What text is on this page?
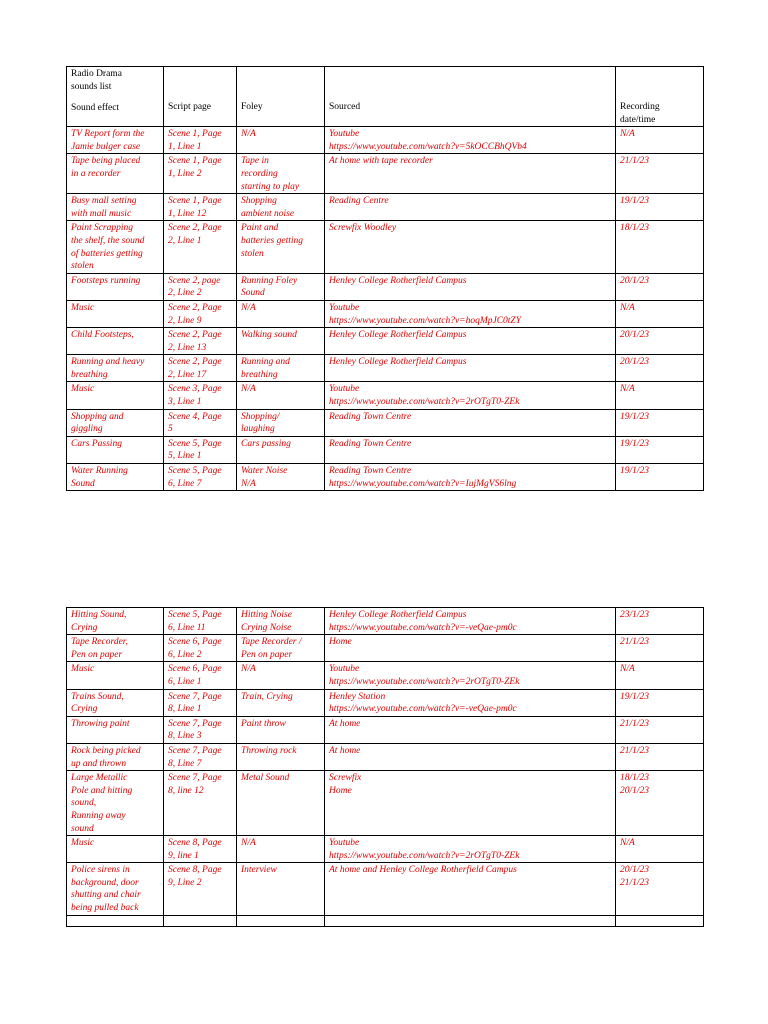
Radio Drama
sounds list
Sound effect	Script page	Foley	Sourced	Recording
date/time

TV Report form the
Jamie bulger case	Scene 1, Page
1, Line 1	N/A	Youtube
https://www.youtube.com/watch?v=5kOCCBhQVb4	N/A

Tape being placed
in a recorder	Scene 1, Page
1, Line 2	Tape in
recording
starting to play	At home with tape recorder	21/1/23

Busy mall setting
with mall music	Scene 1, Page
1, Line 12	Shopping
ambient noise	Reading Centre	19/1/23

Paint Scrapping
the shelf, the sound
of batteries getting
stolen	Scene 2, Page
2, Line 1	Paint and
batteries getting
stolen	Screwfix Woodley	18/1/23

Footsteps running	Scene 2, page
2, Line 2	Running Foley
Sound	Henley College Rotherfield Campus	20/1/23

Music	Scene 2, Page
2, Line 9	N/A	Youtube
https://www.youtube.com/watch?v=hoqMpJC0tZY	N/A

Child Footsteps,	Scene 2, Page
2, Line 13	Walking sound	Henley College Rotherfield Campus	20/1/23

Running and heavy
breathing	Scene 2, Page
2, Line 17	Running and
breathing	Henley College Rotherfield Campus	20/1/23

Music	Scene 3, Page
3, Line 1	N/A	Youtube
https://www.youtube.com/watch?v=2rOTgT0-ZEk	N/A

Shopping and
giggling	Scene 4, Page
5	Shopping/
laughing	Reading Town Centre	19/1/23

Cars Passing	Scene 5, Page
5, Line 1	Cars passing	Reading Town Centre	19/1/23

Water Running
Sound	Scene 5, Page
6, Line 7	Water Noise
N/A	Reading Town Centre
https://www.youtube.com/watch?v=IujMgVS6lng	19/1/23
Hitting Sound,
Crying	Scene 5, Page
6, Line 11	Hitting Noise
Crying Noise	Henley College Rotherfield Campus
https://www.youtube.com/watch?v=-veQae-pm0c	23/1/23

Tape Recorder,
Pen on paper	Scene 6, Page
6, Line 2	Tape Recorder /
Pen on paper	Home	21/1/23

Music	Scene 6, Page
6, Line 1	N/A	Youtube
https://www.youtube.com/watch?v=2rOTgT0-ZEk	N/A

Trains Sound,
Crying	Scene 7, Page
8, Line 1	Train, Crying	Henley Station
https://www.youtube.com/watch?v=-veQae-pm0c	19/1/23

Throwing paint	Scene 7, Page
8, Line 3	Paint throw	At home	21/1/23

Rock being picked
up and thrown	Scene 7, Page
8, Line 7	Throwing rock	At home	21/1/23

Large Metallic
Pole and hitting
sound,
Running away
sound	Scene 7, Page
8, line 12	Metal Sound	Screwfix
Home	18/1/23
20/1/23

Music	Scene 8, Page
9, line 1	N/A	Youtube
https://www.youtube.com/watch?v=2rOTgT0-ZEk	N/A

Police sirens in
background, door
shutting and chair
being pulled back	Scene 8, Page
9, Line 2	Interview	At home and Henley College Rotherfield Campus	20/1/23
21/1/23
